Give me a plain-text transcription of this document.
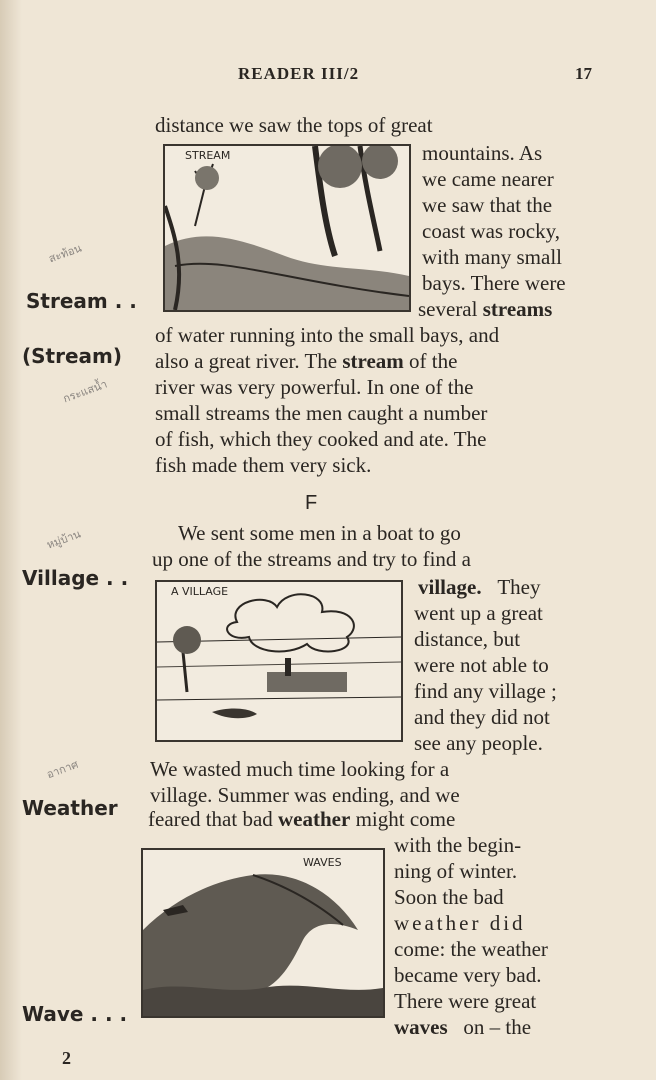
READER III/2	17
Stream . .
(Stream)
Village . .
Weather
Wave . . .
สะท้อน
กระแสน้ำ
หมู่บ้าน
อากาศ
STREAM
A VILLAGE
WAVES
distance we saw the tops of great
mountains. As
we came nearer
we saw that the
coast was rocky,
with many small
bays. There were
several streams
of water running into the small bays, and
also a great river. The stream of the
river was very powerful. In one of the
small streams the men caught a number
of fish, which they cooked and ate. The
fish made them very sick.
F
We sent some men in a boat to go
up one of the streams and try to find a
village. They
went up a great
distance, but
were not able to
find any village ;
and they did not
see any people.
We wasted much time looking for a
village. Summer was ending, and we
feared that bad weather might come
with the begin-
ning of winter.
Soon the bad
weather did
come: the weather
became very bad.
There were great
waves on – the
2
